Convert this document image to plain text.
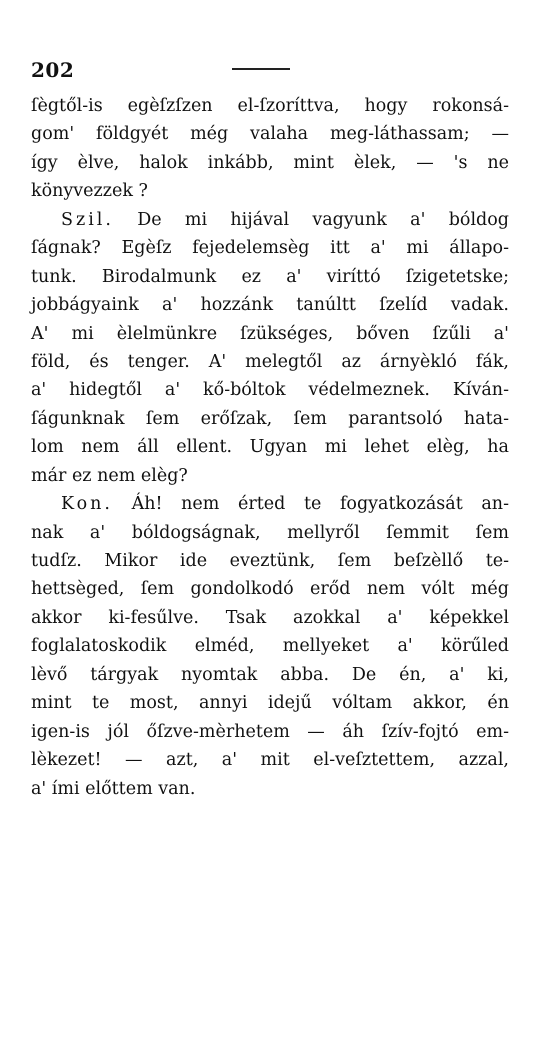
202
ſègtől-is egèſzſzen el-ſzoríttva, hogy rokonsá-
gom' földgyét még valaha meg-láthassam; —
így èlve, halok inkább, mint èlek, — 's ne
könyvezzek ?
Szil. De mi hijával vagyunk a' bóldog
ſágnak? Egèſz fejedelemsèg itt a' mi állapo-
tunk. Birodalmunk ez a' viríttó ſzigetetske;
jobbágyaink a' hozzánk tanúltt ſzelíd vadak.
A' mi èlelmünkre ſzükséges, bőven ſzűli a'
föld, és tenger. A' melegtől az árnyèkló fák,
a' hidegtől a' kő-bóltok védelmeznek. Kíván-
ſágunknak ſem erőſzak, ſem parantsoló hata-
lom nem áll ellent. Ugyan mi lehet elèg, ha
már ez nem elèg?
Kon. Áh! nem érted te fogyatkozását an-
nak a' bóldogságnak, mellyről ſemmit ſem
tudſz. Mikor ide eveztünk, ſem beſzèllő te-
hettsèged, ſem gondolkodó erőd nem vólt még
akkor ki-fesűlve. Tsak azokkal a' képekkel
foglalatoskodik elméd, mellyeket a' körűled
lèvő tárgyak nyomtak abba. De én, a' ki,
mint te most, annyi idejű vóltam akkor, én
igen-is jól őſzve-mèrhetem — áh ſzív-fojtó em-
lèkezet! — azt, a' mit el-veſztettem, azzal,
a' ími előttem van.
